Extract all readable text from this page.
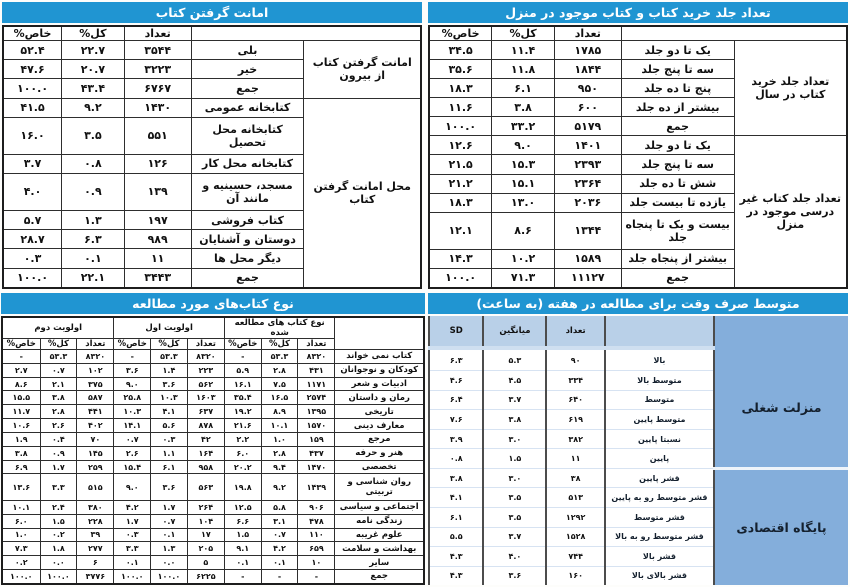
امانت گرفتن کتاب
		تعداد	کل%	خاص%
امانت گرفتن کتاب از بیرون	بلی	۳۵۴۴	۲۲.۷	۵۲.۴
	خیر	۳۲۲۳	۲۰.۷	۴۷.۶
	جمع	۶۷۶۷	۴۳.۴	۱۰۰.۰
محل امانت گرفتن کتاب	کتابخانه عمومی	۱۴۳۰	۹.۲	۴۱.۵
	کتابخانه محل تحصیل	۵۵۱	۳.۵	۱۶.۰
	کتابخانه محل کار	۱۲۶	۰.۸	۳.۷
	مسجد، حسینیه و مانند آن	۱۳۹	۰.۹	۴.۰
	کتاب فروشی	۱۹۷	۱.۳	۵.۷
	دوستان و آشنایان	۹۸۹	۶.۳	۲۸.۷
	دیگر محل ها	۱۱	۰.۱	۰.۳
	جمع	۳۴۴۳	۲۲.۱	۱۰۰.۰
تعداد جلد خرید کتاب و کتاب موجود در منزل
		تعداد	کل%	خاص%
تعداد جلد خرید کتاب در سال	یک تا دو جلد	۱۷۸۵	۱۱.۴	۳۴.۵
	سه تا پنج جلد	۱۸۴۴	۱۱.۸	۳۵.۶
	پنج تا ده جلد	۹۵۰	۶.۱	۱۸.۳
	بیشتر از ده جلد	۶۰۰	۳.۸	۱۱.۶
	جمع	۵۱۷۹	۳۳.۲	۱۰۰.۰
تعداد جلد کتاب غیر درسی موجود در منزل	یک تا دو جلد	۱۴۰۱	۹.۰	۱۲.۶
	سه تا پنج جلد	۲۳۹۳	۱۵.۳	۲۱.۵
	شش تا ده جلد	۲۳۶۴	۱۵.۱	۲۱.۲
	یازده تا بیست جلد	۲۰۳۶	۱۳.۰	۱۸.۳
	بیست و یک تا پنجاه جلد	۱۳۴۴	۸.۶	۱۲.۱
	بیشتر از پنجاه جلد	۱۵۸۹	۱۰.۲	۱۴.۳
	جمع	۱۱۱۲۷	۷۱.۳	۱۰۰.۰
نوع کتاب‌های مورد مطالعه
	نوع کتاب های مطالعه شده			اولویت اول			اولویت دوم		
	تعداد	کل%	خاص%	تعداد	کل%	خاص%	تعداد	کل%	خاص%
کتاب نمی خواند	۸۳۲۰	۵۳.۳	-	۸۳۲۰	۵۳.۳	-	۸۳۲۰	۵۳.۳	-
کودکان و نوجوانان	۴۳۱	۲.۸	۵.۹	۲۲۳	۱.۴	۳.۶	۱۰۲	۰.۷	۲.۷
ادبیات و شعر	۱۱۷۱	۷.۵	۱۶.۱	۵۶۲	۳.۶	۹.۰	۳۷۵	۲.۱	۸.۶
رمان و داستان	۲۵۷۴	۱۶.۵	۳۵.۴	۱۶۰۳	۱۰.۳	۲۵.۸	۵۸۷	۳.۸	۱۵.۵
تاریخی	۱۳۹۵	۸.۹	۱۹.۲	۶۳۷	۴.۱	۱۰.۳	۴۴۱	۲.۸	۱۱.۷
معارف دینی	۱۵۷۰	۱۰.۱	۲۱.۶	۸۷۸	۵.۶	۱۴.۱	۴۰۲	۲.۶	۱۰.۶
مرجع	۱۵۹	۱.۰	۲.۲	۴۲	۰.۳	۰.۷	۷۰	۰.۴	۱.۹
هنر و حرفه	۴۳۷	۲.۸	۶.۰	۱۶۴	۱.۱	۲.۶	۱۴۵	۰.۹	۳.۸
تخصصی	۱۴۷۰	۹.۴	۲۰.۲	۹۵۸	۶.۱	۱۵.۴	۲۵۹	۱.۷	۶.۹
روان شناسی و تربیتی	۱۴۳۹	۹.۲	۱۹.۸	۵۶۳	۳.۶	۹.۰	۵۱۵	۳.۳	۱۳.۶
اجتماعی و سیاسی	۹۰۶	۵.۸	۱۲.۵	۲۶۴	۱.۷	۴.۲	۳۸۰	۲.۴	۱۰.۱
زندگی نامه	۴۷۸	۳.۱	۶.۶	۱۰۴	۰.۷	۱.۷	۲۲۸	۱.۵	۶.۰
علوم غریبه	۱۱۰	۰.۷	۱.۵	۱۷	۰.۱	۰.۳	۳۹	۰.۲	۱.۰
بهداشت و سلامت	۶۵۹	۴.۲	۹.۱	۲۰۵	۱.۳	۳.۳	۲۷۷	۱.۸	۷.۳
سایر	۱۰	۰.۱	۰.۱	۵	۰.۰	۰.۱	۶	۰.۰	۰.۲
جمع	-	-	-	۶۲۲۵	۱۰۰.۰	۱۰۰.۰	۳۷۷۶	۱۰۰.۰	۱۰۰.۰
متوسط صرف وقت برای مطالعه در هفته (به ساعت)
		تعداد	میانگین	SD
منزلت شغلی	بالا	۹۰	۵.۳	۶.۳
	متوسط بالا	۳۳۴	۴.۵	۴.۶
	متوسط	۶۴۰	۳.۷	۶.۴
	متوسط پایین	۶۱۹	۳.۸	۷.۶
	نسبتا پایین	۳۸۲	۳.۰	۳.۹
	پایین	۱۱	۱.۵	۰.۸
پایگاه اقتصادی	قشر پایین	۳۸	۳.۰	۳.۸
	قشر متوسط رو به پایین	۵۱۳	۳.۵	۴.۱
	قشر متوسط	۱۲۹۲	۳.۵	۶.۱
	قشر متوسط رو به بالا	۱۵۲۸	۳.۷	۵.۵
	قشر بالا	۷۴۴	۴.۰	۴.۳
	قشر بالای بالا	۱۶۰	۳.۶	۴.۳
